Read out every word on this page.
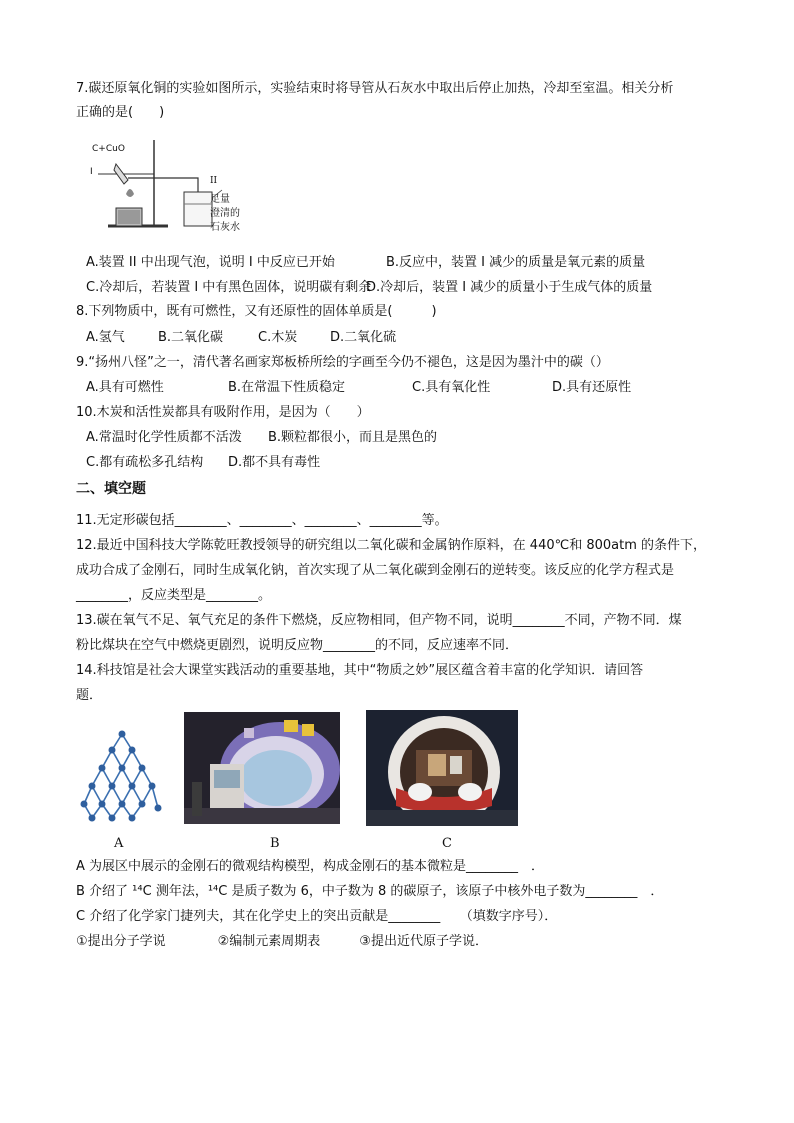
7.碳还原氧化铜的实验如图所示，实验结束时将导管从石灰水中取出后停止加热，冷却至室温。相关分析
正确的是(　　)
C+CuO
I
II
足量
澄清的
石灰水
A.装置 II 中出现气泡，说明 I 中反应已开始	B.反应中，装置 I 减少的质量是氧元素的质量
C.冷却后，若装置 I 中有黑色固体，说明碳有剩余
D.冷却后，装置 I 减少的质量小于生成气体的质量
8.下列物质中，既有可燃性，又有还原性的固体单质是(　　　)
A.氢气	B.二氧化碳	C.木炭	D.二氧化硫
9.“扬州八怪”之一，清代著名画家郑板桥所绘的字画至今仍不褪色，这是因为墨汁中的碳（）
A.具有可燃性	B.在常温下性质稳定	C.具有氧化性	D.具有还原性
10.木炭和活性炭都具有吸附作用，是因为（　　）
A.常温时化学性质都不活泼 B.颗粒都很小，而且是黑色的
C.都有疏松多孔结构 D.都不具有毒性
二、填空题
11.无定形碳包括________、________、________、________等。
12.最近中国科技大学陈乾旺教授领导的研究组以二氧化碳和金属钠作原料，在 440℃和 800atm 的条件下，
成功合成了金刚石，同时生成氧化钠，首次实现了从二氧化碳到金刚石的逆转变。该反应的化学方程式是
________，反应类型是________。
13.碳在氧气不足、氧气充足的条件下燃烧，反应物相同，但产物不同，说明________不同，产物不同．煤
粉比煤块在空气中燃烧更剧烈，说明反应物________的不同，反应速率不同．
14.科技馆是社会大课堂实践活动的重要基地，其中“物质之妙”展区蕴含着丰富的化学知识．请回答
题．
A	B	C
A 为展区中展示的金刚石的微观结构模型，构成金刚石的基本微粒是________　．
B 介绍了 ¹⁴C 测年法，¹⁴C 是质子数为 6，中子数为 8 的碳原子，该原子中核外电子数为________　．
C 介绍了化学家门捷列夫，其在化学史上的突出贡献是________　　（填数字序号）．
①提出分子学说　　　　②编制元素周期表　　　③提出近代原子学说．
